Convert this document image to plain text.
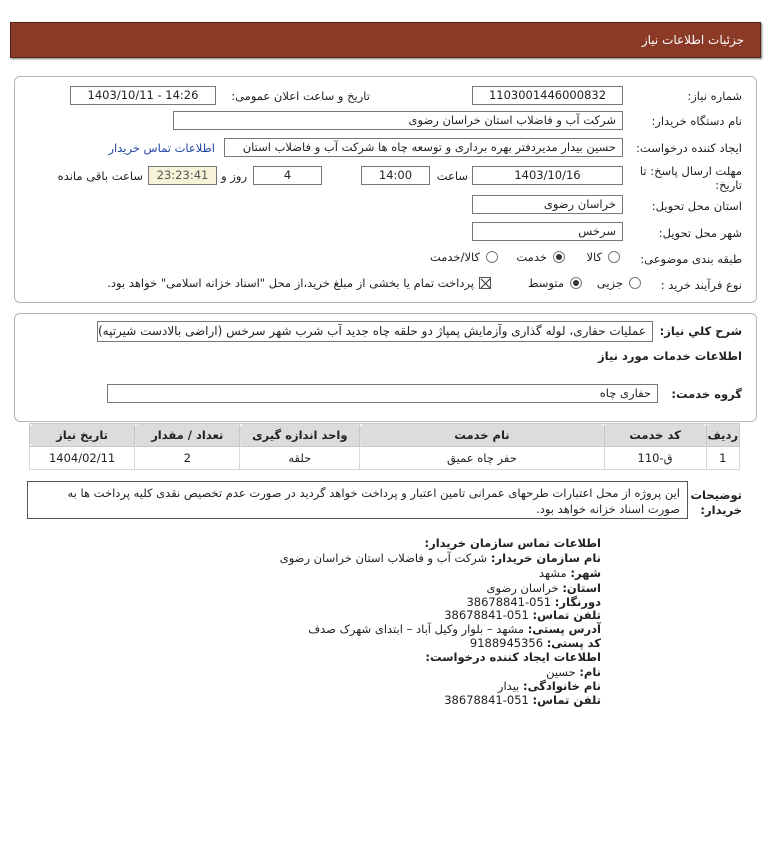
جزئیات اطلاعات نیاز
شماره نیاز:
1103001446000832
تاریخ و ساعت اعلان عمومی:
1403/10/11 - 14:26
نام دستگاه خریدار:
شرکت آب و فاضلاب استان خراسان رضوی
ایجاد کننده درخواست:
حسین بیدار مدیردفتر بهره برداری و توسعه چاه ها شرکت آب و فاضلاب استان
اطلاعات تماس خریدار
مهلت ارسال پاسخ: تا
تاریخ:
1403/10/16
ساعت
14:00
4
روز و
23:23:41
ساعت باقی مانده
استان محل تحویل:
خراسان رضوی
شهر محل تحویل:
سرخس
طبقه بندی موضوعی:
کالا
خدمت
کالا/خدمت
نوع فرآیند خرید :
جزیی
متوسط
پرداخت تمام یا بخشی از مبلغ خرید،از محل "اسناد خزانه اسلامی" خواهد بود.
شرح کلي نياز:
عملیات حفاری، لوله گذاری وآزمایش پمپاژ دو حلقه چاه جدید آب شرب شهر سرخس (اراضی بالادست شیرتپه)
اطلاعات خدمات مورد نیاز
گروه خدمت:
حفاری چاه
ردیف	کد خدمت	نام خدمت	واحد اندازه گیری	تعداد / مقدار	تاریخ نیاز
1	ق-110	حفر چاه عمیق	حلقه	2	1404/02/11
توضیحات
خریدار:
این پروژه از محل اعتبارات طرحهای عمرانی تامین اعتبار و پرداخت خواهد گردید در صورت عدم تخصیص نقدی کلیه پرداخت ها به صورت اسناد خزانه خواهد بود.
اطلاعات تماس سازمان خریدار:
نام سازمان خریدار: شرکت آب و فاضلاب استان خراسان رضوی
شهر: مشهد
استان: خراسان رضوی
دورنگار: 051-38678841
تلفن تماس: 051-38678841
آدرس پستی: مشهد – بلوار وکیل آباد – ابتدای شهرک صدف
کد پستی: 9188945356
اطلاعات ایجاد کننده درخواست:
نام: حسین
نام خانوادگی: بیدار
تلفن تماس: 051-38678841
